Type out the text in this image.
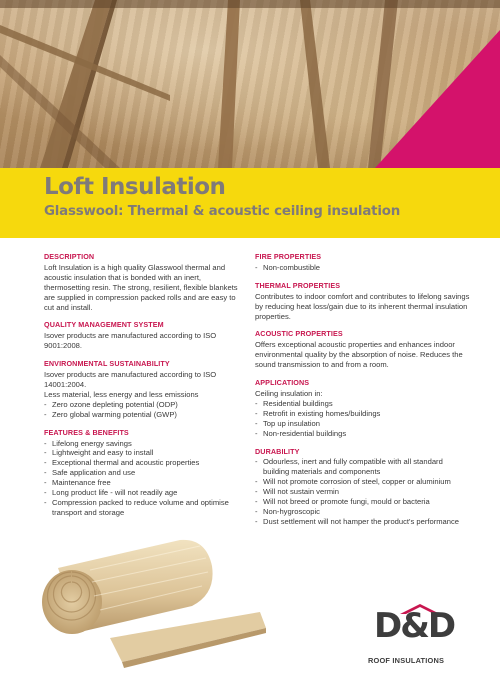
Loft Insulation
Glasswool: Thermal & acoustic ceiling insulation
DESCRIPTION

Loft Insulation is a high quality Glasswool thermal and acoustic insulation that is bonded with an inert, thermosetting resin. The strong, resilient, flexible blankets are supplied in compression packed rolls and are easy to cut and install.

QUALITY MANAGEMENT SYSTEM

Isover products are manufactured according to ISO 9001:2008.

ENVIRONMENTAL SUSTAINABILITY

Isover products are manufactured according to ISO 14001:2004.

Less material, less energy and less emissions

- Zero ozone depleting potential (ODP)
- Zero global warming potential (GWP)
FEATURES & BENEFITS
- Lifelong energy savings
- Lightweight and easy to install
- Exceptional thermal and acoustic properties
- Safe application and use
- Maintenance free
- Long product life - will not readily age
- Compression packed to reduce volume and optimise transport and storage
FIRE PROPERTIES
- Non-combustible
THERMAL PROPERTIES

Contributes to indoor comfort and contributes to lifelong savings by reducing heat loss/gain due to its inherent thermal insulation properties.

ACOUSTIC PROPERTIES

Offers exceptional acoustic properties and enhances indoor environmental quality by the absorption of noise. Reduces the sound transmission to and from a room.

APPLICATIONS

Ceiling insulation in:

- Residential buildings
- Retrofit in existing homes/buildings
- Top up insulation
- Non-residential buildings
DURABILITY
- Odourless, inert and fully compatible with all standard building materials and components
- Will not promote corrosion of steel, copper or aluminium
- Will not sustain vermin
- Will not breed or promote fungi, mould or bacteria
- Non-hygroscopic
- Dust settlement will not hamper the product's performance
D&D
ROOF INSULATIONS
